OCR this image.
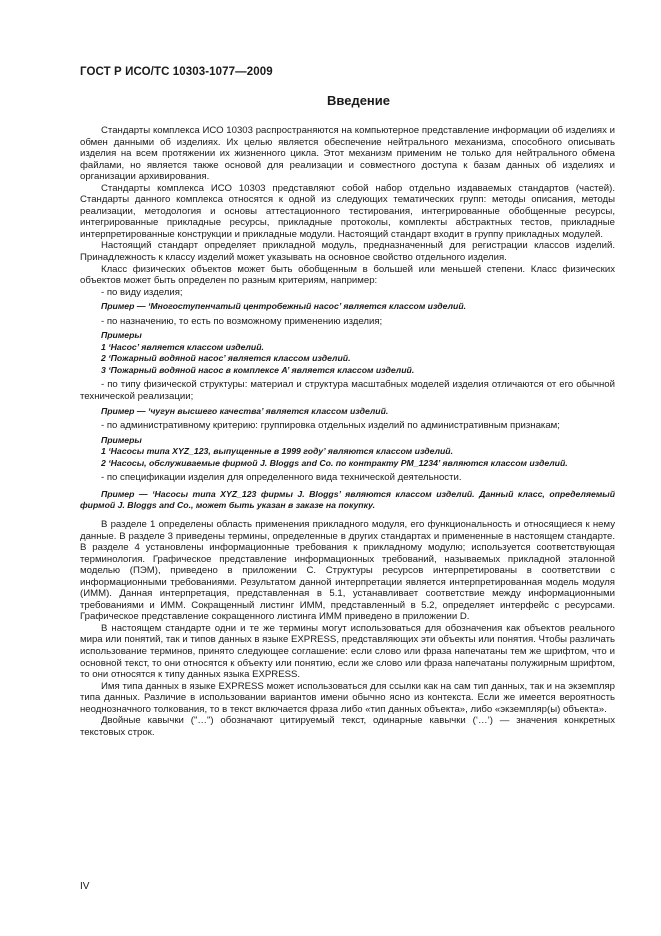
ГОСТ Р ИСО/ТС 10303-1077—2009
Введение

Стандарты комплекса ИСО 10303 распространяются на компьютерное представление информации об изделиях и обмен данными об изделиях. Их целью является обеспечение нейтрального механизма, способного описывать изделия на всем протяжении их жизненного цикла. Этот механизм применим не только для нейтрального обмена файлами, но является также основой для реализации и совместного доступа к базам данных об изделиях и организации архивирования.

Стандарты комплекса ИСО 10303 представляют собой набор отдельно издаваемых стандартов (частей). Стандарты данного комплекса относятся к одной из следующих тематических групп: методы описания, методы реализации, методология и основы аттестационного тестирования, интегрированные обобщенные ресурсы, интегрированные прикладные ресурсы, прикладные протоколы, комплекты абстрактных тестов, прикладные интерпретированные конструкции и прикладные модули. Настоящий стандарт входит в группу прикладных модулей.

Настоящий стандарт определяет прикладной модуль, предназначенный для регистрации классов изделий. Принадлежность к классу изделий может указывать на основное свойство отдельного изделия.

Класс физических объектов может быть обобщенным в большей или меньшей степени. Класс физических объектов может быть определен по разным критериям, например:

- по виду изделия;

Пример — ‘Многоступенчатый центробежный насос’ является классом изделий.

- по назначению, то есть по возможному применению изделия;

Примеры

1 ‘Насос’ является классом изделий.

2 ‘Пожарный водяной насос’ является классом изделий.

3 ‘Пожарный водяной насос в комплексе А’ является классом изделий.

- по типу физической структуры: материал и структура масштабных моделей изделия отличаются от его обычной технической реализации;

Пример — ‘чугун высшего качества’ является классом изделий.

- по административному критерию: группировка отдельных изделий по административным признакам;

Примеры

1 ‘Насосы типа XYZ_123, выпущенные в 1999 году’ являются классом изделий.

2 ‘Насосы, обслуживаемые фирмой J. Bloggs and Co. по контракту PM_1234’ являются классом изделий.

- по спецификации изделия для определенного вида технической деятельности.

Пример — ‘Насосы типа XYZ_123 фирмы J. Bloggs’ являются классом изделий. Данный класс, определяемый фирмой J. Bloggs and Co., может быть указан в заказе на покупку.

В разделе 1 определены область применения прикладного модуля, его функциональность и относящиеся к нему данные. В разделе 3 приведены термины, определенные в других стандартах и примененные в настоящем стандарте. В разделе 4 установлены информационные требования к прикладному модулю; используется соответствующая терминология. Графическое представление информационных требований, называемых прикладной эталонной моделью (ПЭМ), приведено в приложении С. Структуры ресурсов интерпретированы в соответствии с информационными требованиями. Результатом данной интерпретации является интерпретированная модель модуля (ИММ). Данная интерпретация, представленная в 5.1, устанавливает соответствие между информационными требованиями и ИММ. Сокращенный листинг ИММ, представленный в 5.2, определяет интерфейс с ресурсами. Графическое представление сокращенного листинга ИММ приведено в приложении D.

В настоящем стандарте одни и те же термины могут использоваться для обозначения как объектов реального мира или понятий, так и типов данных в языке EXPRESS, представляющих эти объекты или понятия. Чтобы различать использование терминов, принято следующее соглашение: если слово или фраза напечатаны тем же шрифтом, что и основной текст, то они относятся к объекту или понятию, если же слово или фраза напечатаны полужирным шрифтом, то они относятся к типу данных языка EXPRESS.

Имя типа данных в языке EXPRESS может использоваться для ссылки как на сам тип данных, так и на экземпляр типа данных. Различие в использовании вариантов имени обычно ясно из контекста. Если же имеется вероятность неоднозначного толкования, то в текст включается фраза либо «тип данных объекта», либо «экземпляр(ы) объекта».

Двойные кавычки ("…") обозначают цитируемый текст, одинарные кавычки (‘…’) — значения конкретных текстовых строк.

IV
